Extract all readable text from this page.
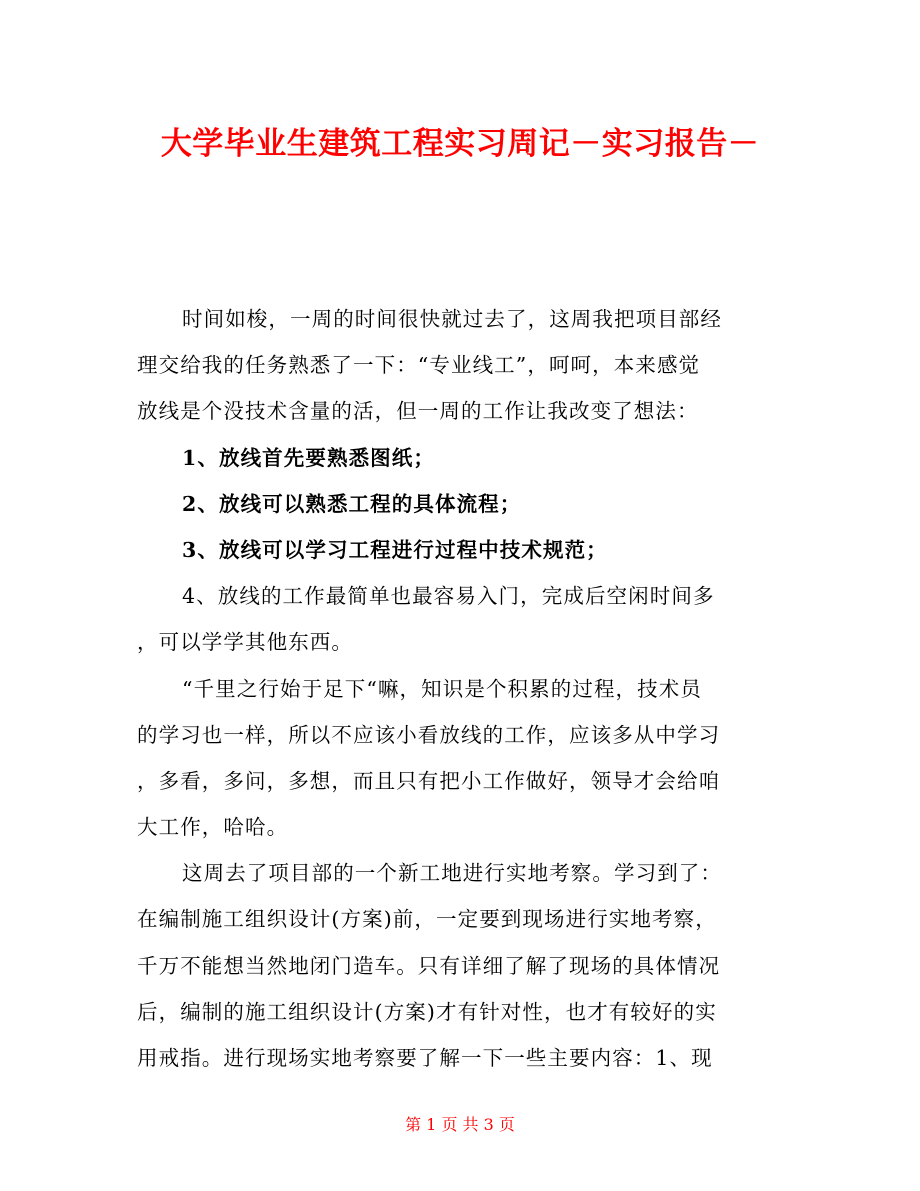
大学毕业生建筑工程实习周记－实习报告－
时间如梭，一周的时间很快就过去了，这周我把项目部经
理交给我的任务熟悉了一下：“专业线工”，呵呵，本来感觉
放线是个没技术含量的活，但一周的工作让我改变了想法：
1、放线首先要熟悉图纸；
2、放线可以熟悉工程的具体流程；
3、放线可以学习工程进行过程中技术规范；
4、放线的工作最简单也最容易入门，完成后空闲时间多
，可以学学其他东西。
“千里之行始于足下“嘛，知识是个积累的过程，技术员
的学习也一样，所以不应该小看放线的工作，应该多从中学习
，多看，多问，多想，而且只有把小工作做好，领导才会给咱
大工作，哈哈。
这周去了项目部的一个新工地进行实地考察。学习到了：
在编制施工组织设计(方案)前，一定要到现场进行实地考察，
千万不能想当然地闭门造车。只有详细了解了现场的具体情况
后，编制的施工组织设计(方案)才有针对性，也才有较好的实
用戒指。进行现场实地考察要了解一下一些主要内容：1、现
第 1 页 共 3 页
